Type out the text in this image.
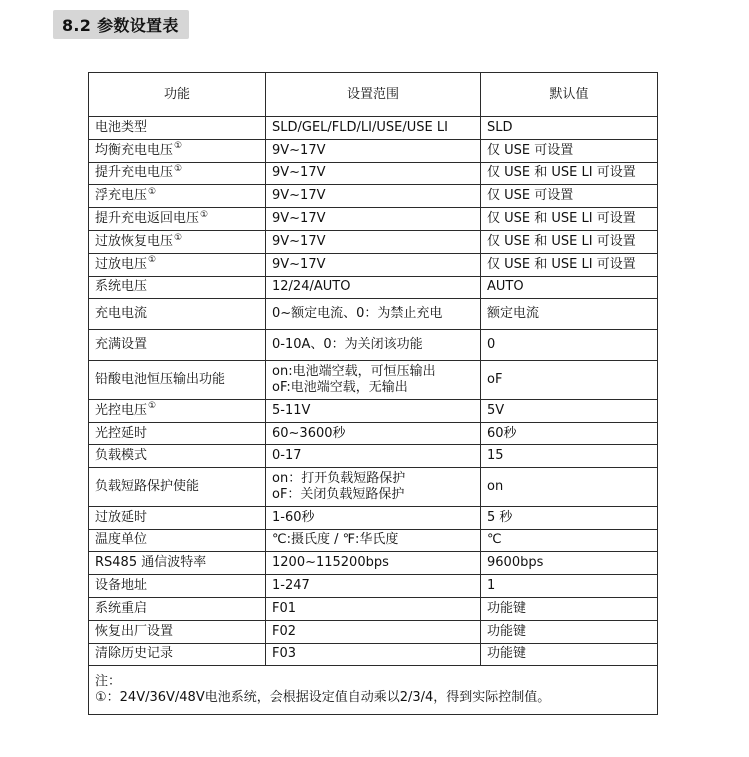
8.2 参数设置表
功能	设置范围	默认值
电池类型	SLD/GEL/FLD/LI/USE/USE LI	SLD
均衡充电电压①	9V~17V	仅 USE 可设置
提升充电电压①	9V~17V	仅 USE 和 USE LI 可设置
浮充电压①	9V~17V	仅 USE 可设置
提升充电返回电压①	9V~17V	仅 USE 和 USE LI 可设置
过放恢复电压①	9V~17V	仅 USE 和 USE LI 可设置
过放电压①	9V~17V	仅 USE 和 USE LI 可设置
系统电压	12/24/AUTO	AUTO
充电电流	0~额定电流、0：为禁止充电	额定电流
充满设置	0-10A、0：为关闭该功能	0
铅酸电池恒压输出功能	on:电池端空载，可恒压输出
oF:电池端空载，无输出	oF
光控电压①	5-11V	5V
光控延时	60~3600秒	60秒
负载模式	0-17	15
负载短路保护使能	on：打开负载短路保护
oF：关闭负载短路保护	on
过放延时	1-60秒	5 秒
温度单位	℃:摄氏度 / ℉:华氏度	℃
RS485 通信波特率	1200~115200bps	9600bps
设备地址	1-247	1
系统重启	F01	功能键
恢复出厂设置	F02	功能键
清除历史记录	F03	功能键

注：
①：24V/36V/48V电池系统，会根据设定值自动乘以2/3/4，得到实际控制值。		
